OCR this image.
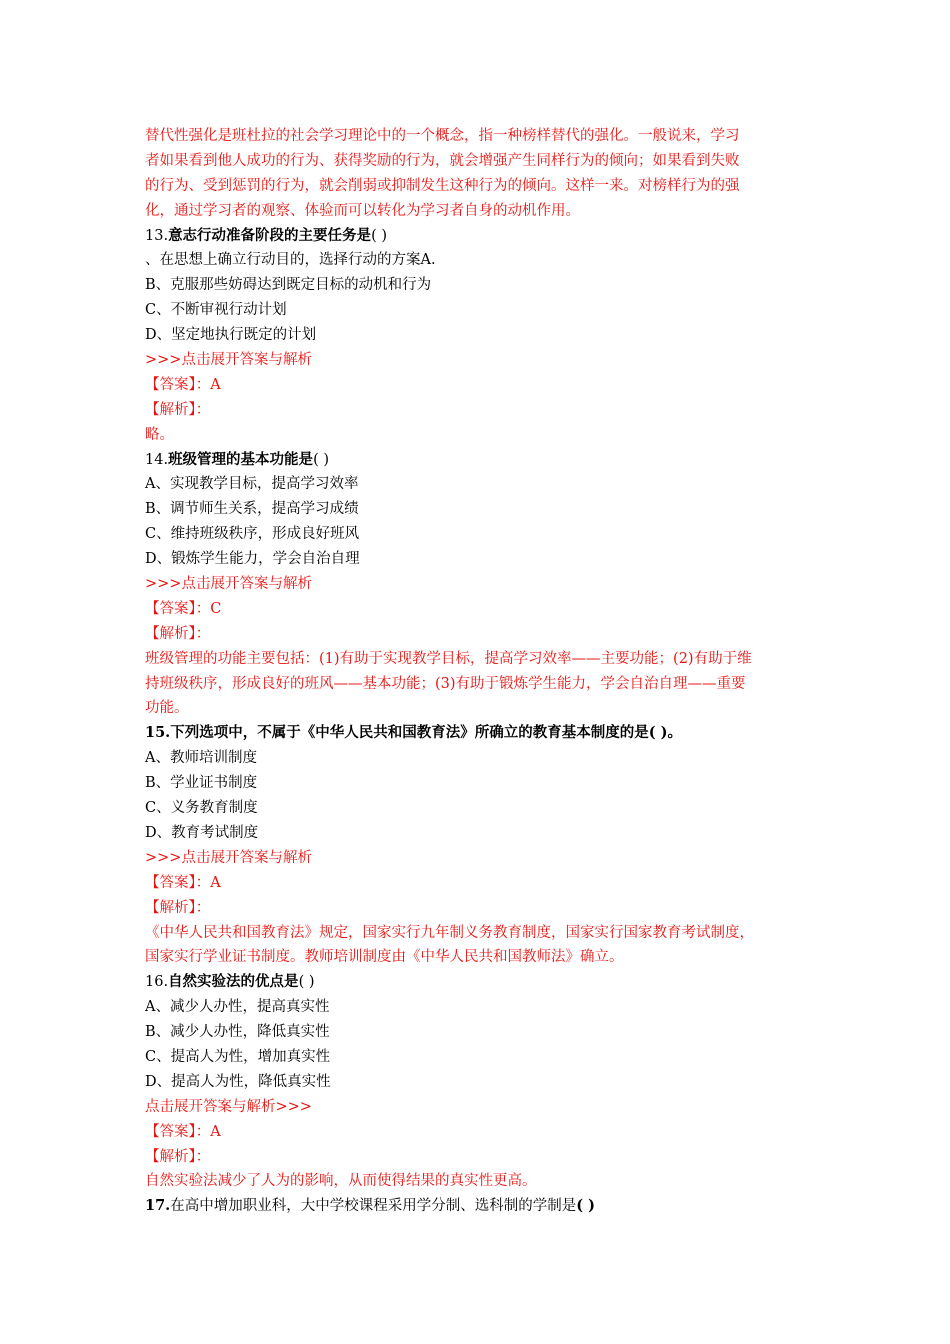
替代性强化是班杜拉的社会学习理论中的一个概念，指一种榜样替代的强化。一般说来，学习
者如果看到他人成功的行为、获得奖励的行为，就会增强产生同样行为的倾向；如果看到失败
的行为、受到惩罚的行为，就会削弱或抑制发生这种行为的倾向。这样一来。对榜样行为的强
化，通过学习者的观察、体验而可以转化为学习者自身的动机作用。
13.意志行动准备阶段的主要任务是( )
、在思想上确立行动目的，选择行动的方案A.
B、克服那些妨碍达到既定目标的动机和行为
C、不断审视行动计划
D、坚定地执行既定的计划
>>>点击展开答案与解析
【答案】：A
【解析】：
略。
14.班级管理的基本功能是( )
A、实现教学目标，提高学习效率
B、调节师生关系，提高学习成绩
C、维持班级秩序，形成良好班风
D、锻炼学生能力，学会自治自理
>>>点击展开答案与解析
【答案】：C
【解析】：
班级管理的功能主要包括：(1)有助于实现教学目标，提高学习效率——主要功能；(2)有助于维
持班级秩序，形成良好的班风——基本功能；(3)有助于锻炼学生能力，学会自治自理——重要
功能。
15.下列选项中，不属于《中华人民共和国教育法》所确立的教育基本制度的是( )。
A、教师培训制度
B、学业证书制度
C、义务教育制度
D、教育考试制度
>>>点击展开答案与解析
【答案】：A
【解析】：
《中华人民共和国教育法》规定，国家实行九年制义务教育制度，国家实行国家教育考试制度，
国家实行学业证书制度。教师培训制度由《中华人民共和国教师法》确立。
16.自然实验法的优点是( )
A、减少人办性，提高真实性
B、减少人办性，降低真实性
C、提高人为性，增加真实性
D、提高人为性，降低真实性
点击展开答案与解析>>>
【答案】：A
【解析】：
自然实验法减少了人为的影响，从而使得结果的真实性更高。
17.在高中增加职业科，大中学校课程采用学分制、选科制的学制是( )
